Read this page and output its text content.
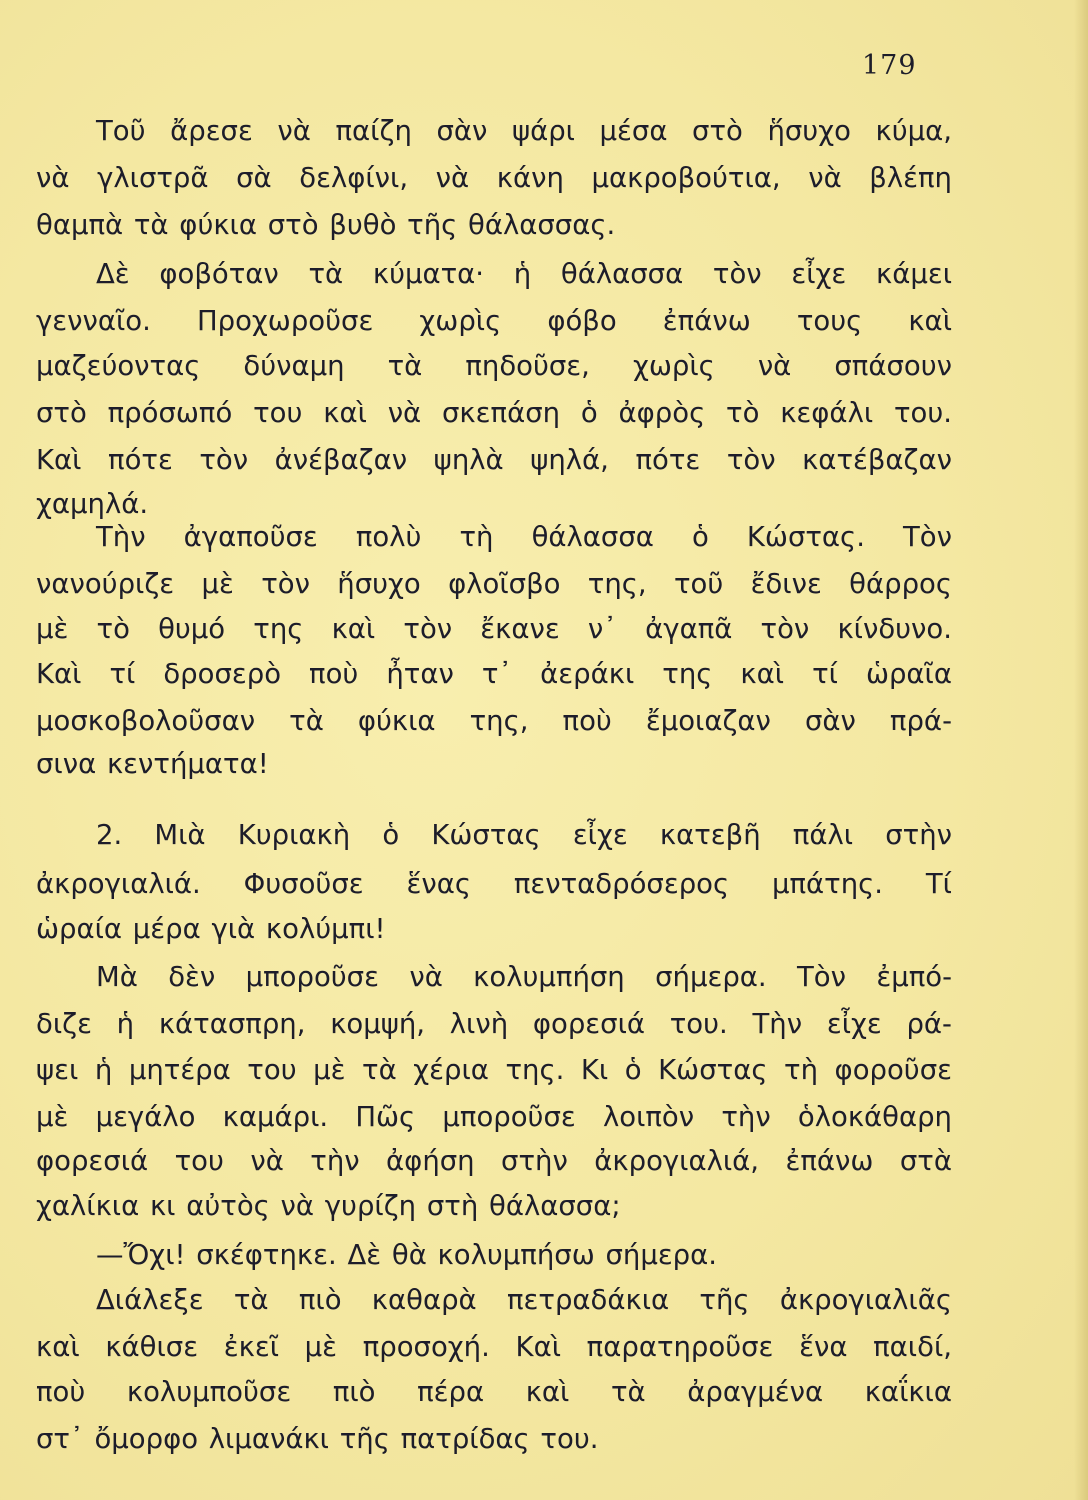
179
Τοῦ ἄρεσε νὰ παίζη σὰν ψάρι μέσα στὸ ἥσυχο κύμα,
νὰ γλιστρᾶ σὰ δελφίνι, νὰ κάνη μακροβούτια, νὰ βλέπη
θαμπὰ τὰ φύκια στὸ βυθὸ τῆς θάλασσας.
Δὲ φοβόταν τὰ κύματα· ἡ θάλασσα τὸν εἶχε κάμει
γενναῖο. Προχωροῦσε χωρὶς φόβο ἐπάνω τους καὶ
μαζεύοντας δύναμη τὰ πηδοῦσε, χωρὶς νὰ σπάσουν
στὸ πρόσωπό του καὶ νὰ σκεπάση ὁ ἀφρὸς τὸ κεφάλι του.
Καὶ πότε τὸν ἀνέβαζαν ψηλὰ ψηλά, πότε τὸν κατέβαζαν
χαμηλά.
Τὴν ἀγαποῦσε πολὺ τὴ θάλασσα ὁ Κώστας. Τὸν
νανούριζε μὲ τὸν ἥσυχο φλοῖσβο της, τοῦ ἔδινε θάρρος
μὲ τὸ θυμό της καὶ τὸν ἔκανε ν᾽ ἀγαπᾶ τὸν κίνδυνο.
Καὶ τί δροσερὸ ποὺ ἦταν τ᾽ ἀεράκι της καὶ τί ὡραῖα
μοσκοβολοῦσαν τὰ φύκια της, ποὺ ἔμοιαζαν σὰν πρά-
σινα κεντήματα!
2. Μιὰ Κυριακὴ ὁ Κώστας εἶχε κατεβῆ πάλι στὴν
ἀκρογιαλιά. Φυσοῦσε ἕνας πενταδρόσερος μπάτης. Τί
ὡραία μέρα γιὰ κολύμπι!
Μὰ δὲν μποροῦσε νὰ κολυμπήση σήμερα. Τὸν ἐμπό-
διζε ἡ κάτασπρη, κομψή, λινὴ φορεσιά του. Τὴν εἶχε ρά-
ψει ἡ μητέρα του μὲ τὰ χέρια της. Κι ὁ Κώστας τὴ φοροῦσε
μὲ μεγάλο καμάρι. Πῶς μποροῦσε λοιπὸν τὴν ὁλοκάθαρη
φορεσιά του νὰ τὴν ἀφήση στὴν ἀκρογιαλιά, ἐπάνω στὰ
χαλίκια κι αὐτὸς νὰ γυρίζη στὴ θάλασσα;
—Ὄχι! σκέφτηκε. Δὲ θὰ κολυμπήσω σήμερα.
Διάλεξε τὰ πιὸ καθαρὰ πετραδάκια τῆς ἀκρογιαλιᾶς
καὶ κάθισε ἐκεῖ μὲ προσοχή. Καὶ παρατηροῦσε ἕνα παιδί,
ποὺ κολυμποῦσε πιὸ πέρα καὶ τὰ ἀραγμένα καΐκια
στ᾽ ὄμορφο λιμανάκι τῆς πατρίδας του.
